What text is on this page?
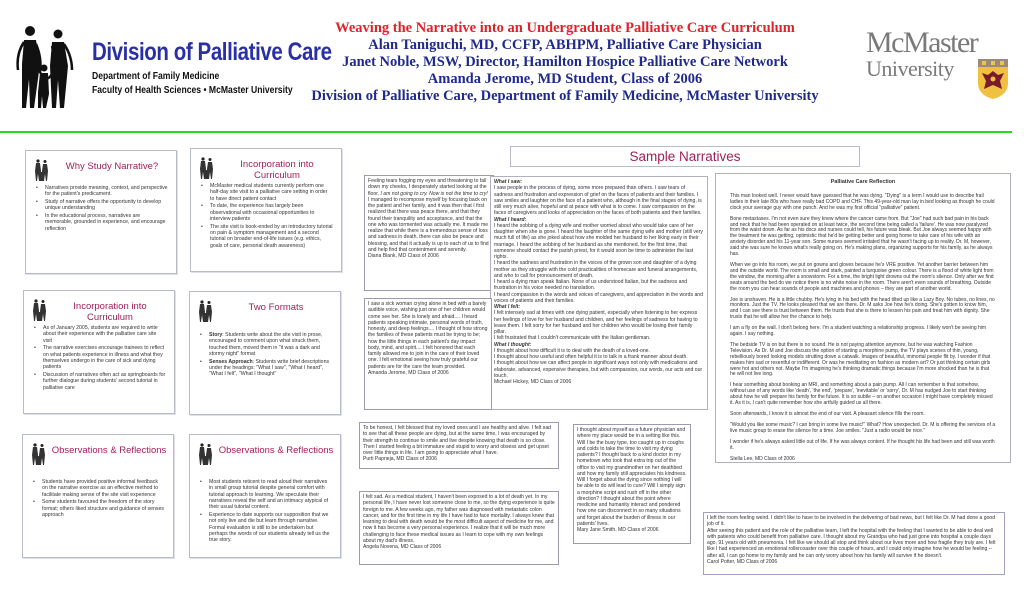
Division of Palliative Care
Department of Family Medicine
Faculty of Health Sciences • McMaster University
Weaving the Narrative into an Undergraduate Palliative Care Curriculum
Alan Taniguchi, MD, CCFP, ABHPM, Palliative Care Physician
Janet Noble, MSW, Director, Hamilton Hospice Palliative Care Network
Amanda Jerome, MD Student, Class of 2006
Division of Palliative Care, Department of Family Medicine, McMaster University
McMaster
University
Why Study Narrative?
• Narratives provide meaning, context, and perspective for the patient's predicament.
• Study of narrative offers the opportunity to develop unique understanding
• In the educational process, narratives are memorable, grounded in experience, and encourage reflection
Incorporation into Curriculum
• McMaster medical students currently perform one half-day site visit to a palliative care setting in order to have direct patient contact
• To date, the experience has largely been observational with occasional opportunities to interview patients
• The site visit is book-ended by an introductory tutorial on pain & symptom management and a second tutorial on broader end-of-life issues (e.g. ethics, goals of care, personal death awareness)
Incorporation into Curriculum
• As of January 2005, students are required to write about their experience with the palliative care site visit
• The narrative exercises encourage trainees to reflect on what patients experience in illness and what they themselves undergo in the care of sick and dying patients
• Discussion of narratives often act as springboards for further dialogue during students' second tutorial in palliative care
Two Formats
• Story: Students write about the site visit in prose, encouraged to comment upon what struck them, touched them, moved them in "it was a dark and stormy night" format
• Senses Approach: Students write brief descriptions under the headings: "What I saw", "What I heard", "What I felt", "What I thought"
Observations & Reflections
• Students have provided positive informal feedback on the narrative exercise as an effective method to facilitate making sense of the site visit experience
• Some students favoured the freedom of the story format; others liked structure and guidance of senses approach
Observations & Reflections
• Most students reticent to read aloud their narratives in small group tutorial despite general comfort with tutorial approach to learning. We speculate their narratives reveal the self and an intimacy atypical of their usual tutorial content.
• Experience to date supports our supposition that we not only live and die but learn through narrative. Formal evaluation is still to be undertaken but perhaps the words of our students already tell us the true story.
Sample Narratives
Feeling tears fogging my eyes and threatening to fall down my cheeks, I desperately started looking at the floor. I am not going to cry. Now is not the time to cry! I managed to recompose myself by focusing back on the patient and her family, and it was then that I first realized that there was peace there, and that they found their tranquility and acceptance, and that the one who was tormented was actually me. It made me realize that while there is a tremendous sense of loss and sadness in death, there can also be peace and blessing, and that it actually is up to each of us to find and help find that contentment and serenity.

Diana Blank, MD Class of 2006

What I saw:

I saw people in the process of dying, some more prepared than others. I saw tears of sadness and frustration and expression of grief on the faces of patients and their families. I saw smiles and laughter on the face of a patient who, although in the final stages of dying, is still very much alive, hopeful and at peace with what is to come. I saw compassion on the faces of caregivers and looks of appreciation on the faces of both patients and their families.

What I heard:

I heard the sobbing of a dying wife and mother worried about who would take care of her daughter when she is gone. I heard the laughter of the same dying wife and mother (still very much full of life) as she joked about how she molded her husband to her liking early in their marriage. I heard the sobbing of her husband as she mentioned, for the first time, that someone should contact the parish priest, for it would soon be time to administer the last rights.

I heard the sadness and frustration in the voices of the grown son and daughter of a dying mother as they struggle with the cold practicalities of homecare and funeral arrangements, and who to call for pronouncement of death.

I heard a dying man speak Italian. None of us understood Italian, but the sadness and frustration in his voice needed no translation.

I heard compassion in the words and voices of caregivers, and appreciation in the words and voices of patients and their families.

What I felt:

I felt intensely sad at times with one dying patient, especially when listening to her express her feelings of love for her husband and children, and her feelings of sadness for having to leave them. I felt sorry for her husband and her children who would be losing their family pillar.

I felt frustrated that I couldn't communicate with the Italian gentleman.

What I thought:

I thought about how difficult it is to deal with the death of a loved-one.

I thought about how useful and often helpful it is to talk in a frank manner about death.

I thought about how we can affect people in significant ways not only with medications and elaborate, advanced, expensive therapies, but with compassion, our words, our acts and our touch.

Michael Hickey, MD Class of 2006

I saw a sick woman crying alone in bed with a barely audible voice, wishing just one of her children would come see her. She is lonely and afraid.... I heard patients speaking intimate, personal words of truth, honesty, and deep feelings.... I thought of how strong the families of these patients must be trying to be; how the little things in each patient's day impact body, mind, and spirit.... I felt honored that each family allowed me to join in the care of their loved one. I felt emotional seeing how truly grateful our patients are for the care the team provided.

Amanda Jerome, MD Class of 2006

To be honest, I felt blessed that my loved ones and I are healthy and alive. I felt sad to see that all these people are dying, but at the same time, I was encouraged by their strength to continue to smile and live despite knowing that death is so close. Then I started feeling a bit immature and stupid to worry and obsess and get upset over little things in life. I am going to appreciate what I have.

Purti Papneja, MD Class of 2006

I felt sad. As a medical student, I haven't been exposed to a lot of death yet. In my personal life, I have never lost someone close to me, so the dying experience is quite foreign to me. A few weeks ago, my father was diagnosed with metastatic colon cancer, and for the first time in my life I have had to face mortality. I always knew that learning to deal with death would be the most difficult aspect of medicine for me, and now it has become a very personal experience. I realize that it will be much more challenging to face these medical issues as I learn to cope with my own feelings about my dad's illness.

Angela Novena, MD Class of 2006

I thought about myself as a future physician and where my place would be in a setting like this. Will I be the busy type, too caught up in coughs and colds to take the time to visit my dying patients? I thought back to a kind doctor in my hometown who took that extra trip out of the office to visit my grandmother on her deathbed and how my family still appreciates his kindness. Will I forget about the dying since nothing I will be able to do will lead to cure? Will I simply sign a morphine script and rush off in the other direction? I thought about the point where medicine and humanity interact and pondered how one can disconnect in so many situations and forget about the burden of illness in our patients' lives.

Mary Jane Smith, MD Class of 2006

Palliative Care Reflection

This man looked well. I never would have guessed that he was dying. "Dying" is a term I would use to describe frail ladies in their late 80s who have really bad COPD and CHF. This 49-year-old man lay in bed looking as though he could clock your average guy with one punch. And he was my first official "palliative" patient.

Bone metastases. I'm not even sure they knew where the cancer came from. But "Joe" had such bad pain in his back and neck that he had been operated on at least twice, the second time being called a 'failure'. He was now paralyzed from the waist down. As far as his docs and nurses could tell, his future was bleak. But Joe always seemed happy with the treatment he was getting, optimistic that he'd be getting better and going home to take care of his wife with an anxiety disorder and his 11-year son. Some nurses seemed irritated that he wasn't facing up to reality. Dr. M, however, said she was sure he knows what's really going on. He's making plans, organizing supports for his family, as he always has.

When we go into his room, we put on gowns and gloves because he's VRE positive. Yet another barrier between him and the outside world. The room is small and stark, painted a turquoise green colour. There is a flood of white light from the window, the morning after a snowstorm. For a time, the bright light drowns out the room's silence. Only after we find seats around the bed do we notice there is no white noise in the room. There aren't even sounds of breathing. Outside the room you can hear sounds of people and machines and phones – they are part of another world.

Joe is unshaven. He is a little chubby. He's lying in his bed with the head tilted up like a Lazy Boy. No tubes, no lines, no monitors. Just the TV. He looks pleased that we are there. Dr. M asks Joe how he's doing. She's gotten to know him, and I can see there is trust between them. He trusts that she is there to lessen his pain and treat him with dignity. She trusts that he will allow her the chance to help.

I am a fly on the wall. I don't belong here. I'm a student watching a relationship progress. I likely won't be seeing him again. I say nothing.

The bedside TV is on but there is no sound. He is not paying attention anymore, but he was watching Fashion Television. As Dr. M and Joe discuss the option of starting a morphine pump, the TV plays scenes of thin, young, rebelliously bored looking models strutting down a catwalk. Images of beautiful, immortal people flit by. I wonder if that makes him sad or resentful or indifferent. Or was he meditating on fashion as modern art? Or just thinking certain girls were hot and others not. Maybe I'm imagining he's thinking dramatic things because I'm more shocked than he is that he will not live long.

I hear something about booking an MRI, and something about a pain pump. All I can remember is that somehow, without use of any words like 'death', 'the end', 'prepare', 'inevitable' or 'sorry', Dr. M has nudged Joe to start thinking about how he will prepare his family for the future. It is so subtle – on another occasion I might have completely missed it. As it is, I can't quite remember how she artfully guided us all there.

Soon afterwards, I know it is almost the end of our visit. A pleasant silence fills the room.

"Would you like some music? I can bring in some live music!" What? How unexpected. Dr. M is offering the services of a live music group to erase the silence for a time. Joe smiles. "Just a radio would be nice."

I wonder if he's always asked little out of life. If he was always content. If he thought his life had been and still was worth it.

Stella Lee, MD Class of 2006

I left the room feeling weird. I didn't like to have to be involved in the delivering of bad news, but I felt like Dr. M had done a good job of it.

After seeing this patient and the role of the palliative team, I left the hospital with the feeling that I wanted to be able to deal well with patients who could benefit from palliative care. I thought about my Grandpa who had just gone into hospital a couple days ago, 91 years old with pneumonia. I felt like we should all stop and think about our lives more and how fragile they truly are. I felt like I had experienced an emotional rollercoaster over this couple of hours, and I could only imagine how he would be feeling -- after all, I can go home to my family and he can only worry about how his family will survive if he doesn't.

Carol Potter, MD Class of 2006
